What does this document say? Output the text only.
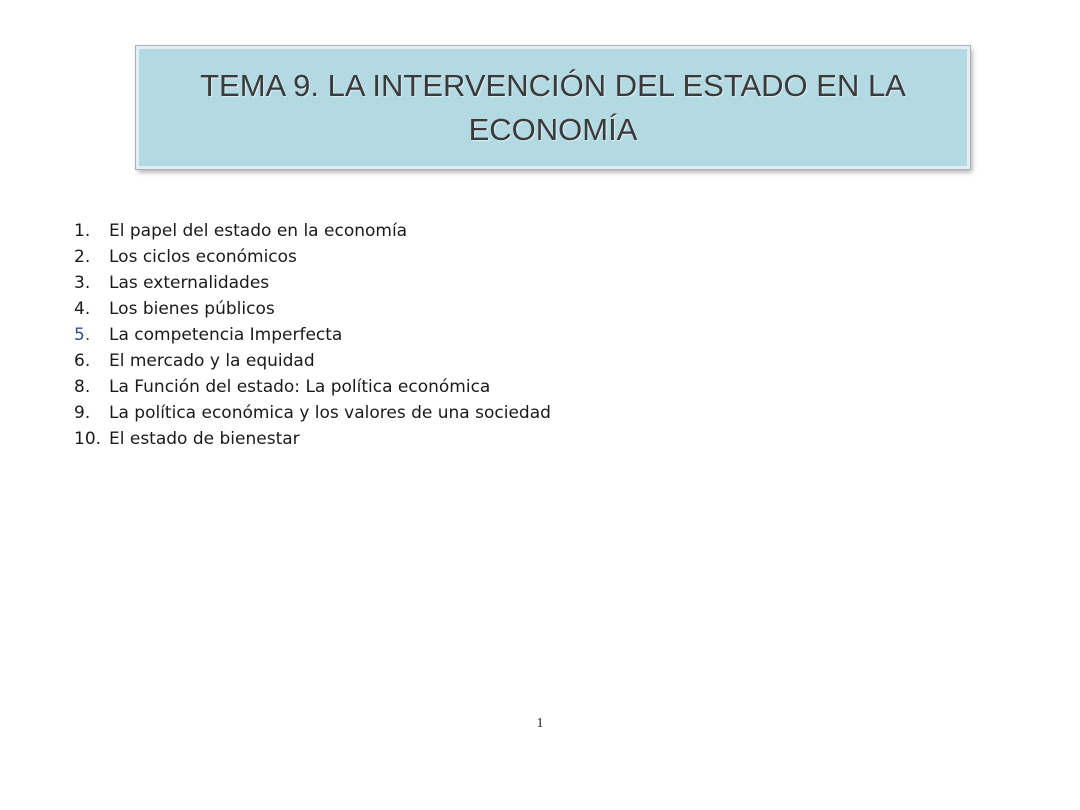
TEMA 9. LA INTERVENCIÓN DEL ESTADO EN LA
ECONOMÍA
1.	El papel del estado en la economía
2.	Los ciclos económicos
3.	Las externalidades
4.	Los bienes públicos
5.	La competencia Imperfecta
6.	El mercado y la equidad
8.	La Función del estado: La política económica
9.	La política económica y los valores de una sociedad
10. El estado de bienestar
1
